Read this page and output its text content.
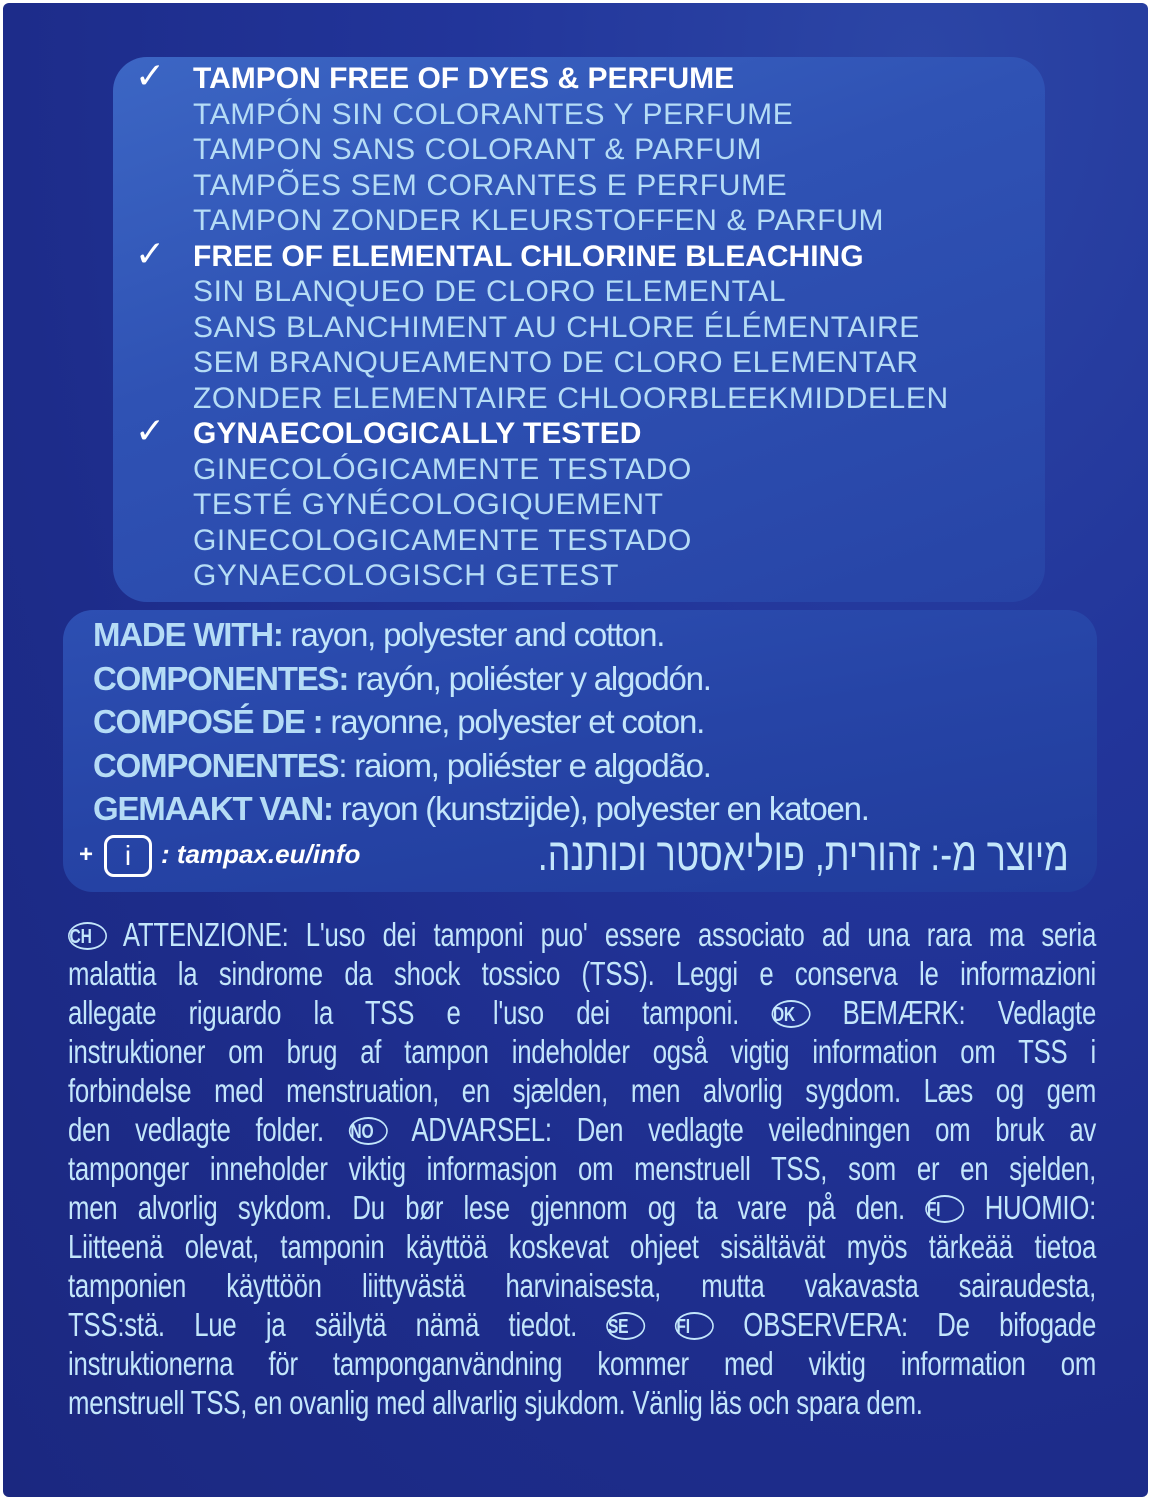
TAMPON FREE OF DYES & PERFUME
✓
TAMPÓN SIN COLORANTES Y PERFUME
TAMPON SANS COLORANT & PARFUM
TAMPÕES SEM CORANTES E PERFUME
TAMPON ZONDER KLEURSTOFFEN & PARFUM
FREE OF ELEMENTAL CHLORINE BLEACHING
✓
SIN BLANQUEO DE CLORO ELEMENTAL
SANS BLANCHIMENT AU CHLORE ÉLÉMENTAIRE
SEM BRANQUEAMENTO DE CLORO ELEMENTAR
ZONDER ELEMENTAIRE CHLOORBLEEKMIDDELEN
GYNAECOLOGICALLY TESTED
✓
GINECOLÓGICAMENTE TESTADO
TESTÉ GYNÉCOLOGIQUEMENT
GINECOLOGICAMENTE TESTADO
GYNAECOLOGISCH GETEST
MADE WITH: rayon, polyester and cotton.
COMPONENTES: rayón, poliéster y algodón.
COMPOSÉ DE : rayonne, polyester et coton.
COMPONENTES: raiom, poliéster e algodão.
GEMAAKT VAN: rayon (kunstzijde), polyester en katoen.
+	i	: tampax.eu/info	מיוצר מ-: זהורית, פוליאסטר וכותנה.
CH ATTENZIONE: L'uso dei tamponi puo' essere associato ad una rara ma seria
malattia la sindrome da shock tossico (TSS). Leggi e conserva le informazioni
allegate riguardo la TSS e l'uso dei tamponi. DK BEMÆRK: Vedlagte
instruktioner om brug af tampon indeholder også vigtig information om TSS i
forbindelse med menstruation, en sjælden, men alvorlig sygdom. Læs og gem
den vedlagte folder. NO ADVARSEL: Den vedlagte veiledningen om bruk av
tamponger inneholder viktig informasjon om menstruell TSS, som er en sjelden,
men alvorlig sykdom. Du bør lese gjennom og ta vare på den. FI HUOMIO:
Liitteenä olevat, tamponin käyttöä koskevat ohjeet sisältävät myös tärkeää tietoa
tamponien käyttöön liittyvästä harvinaisesta, mutta vakavasta sairaudesta,
TSS:stä. Lue ja säilytä nämä tiedot. SE FI OBSERVERA: De bifogade
instruktionerna för tamponganvändning kommer med viktig information om
menstruell TSS, en ovanlig med allvarlig sjukdom. Vänlig läs och spara dem.
